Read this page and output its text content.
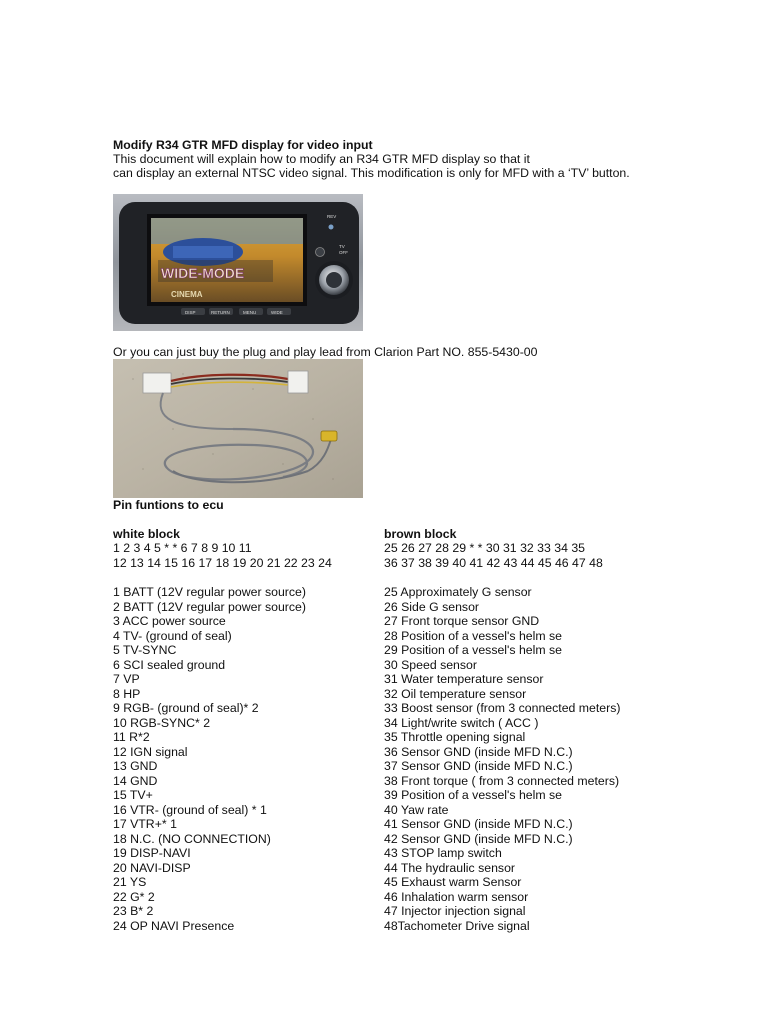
Modify R34 GTR MFD display for video input
This document will explain how to modify an R34 GTR MFD display so that it
can display an external NTSC video signal. This modification is only for MFD with a ‘TV’ button.
WIDE-MODE
CINEMA
DISP	RETURN	MENU	WIDE
REV
TV
OFF
Or you can just buy the plug and play lead from Clarion Part NO. 855-5430-00
Pin funtions to ecu
white block	brown block
1 2 3 4 5 * * 6 7 8 9 10 11
12 13 14 15 16 17 18 19 20 21 22 23 24
25 26 27 28 29 * * 30 31 32 33 34 35
36 37 38 39 40 41 42 43 44 45 46 47 48
1 BATT (12V regular power source)
2 BATT (12V regular power source)
3 ACC power source
4 TV- (ground of seal)
5 TV-SYNC
6 SCI sealed ground
7 VP
8 HP
9 RGB- (ground of seal)* 2
10 RGB-SYNC* 2
11 R*2
12 IGN signal
13 GND
14 GND
15 TV+
16 VTR- (ground of seal) * 1
17 VTR+* 1
18 N.C. (NO CONNECTION)
19 DISP-NAVI
20 NAVI-DISP
21 YS
22 G* 2
23 B* 2
24 OP NAVI Presence
25 Approximately G sensor
26 Side G sensor
27 Front torque sensor GND
28 Position of a vessel's helm se
29 Position of a vessel's helm se
30 Speed sensor
31 Water temperature sensor
32 Oil temperature sensor
33 Boost sensor (from 3 connected meters)
34 Light/write switch ( ACC )
35 Throttle opening signal
36 Sensor GND (inside MFD N.C.)
37 Sensor GND (inside MFD N.C.)
38 Front torque ( from 3 connected meters)
39 Position of a vessel's helm se
40 Yaw rate
41 Sensor GND (inside MFD N.C.)
42 Sensor GND (inside MFD N.C.)
43 STOP lamp switch
44 The hydraulic sensor
45 Exhaust warm Sensor
46 Inhalation warm sensor
47 Injector injection signal
48Tachometer Drive signal
